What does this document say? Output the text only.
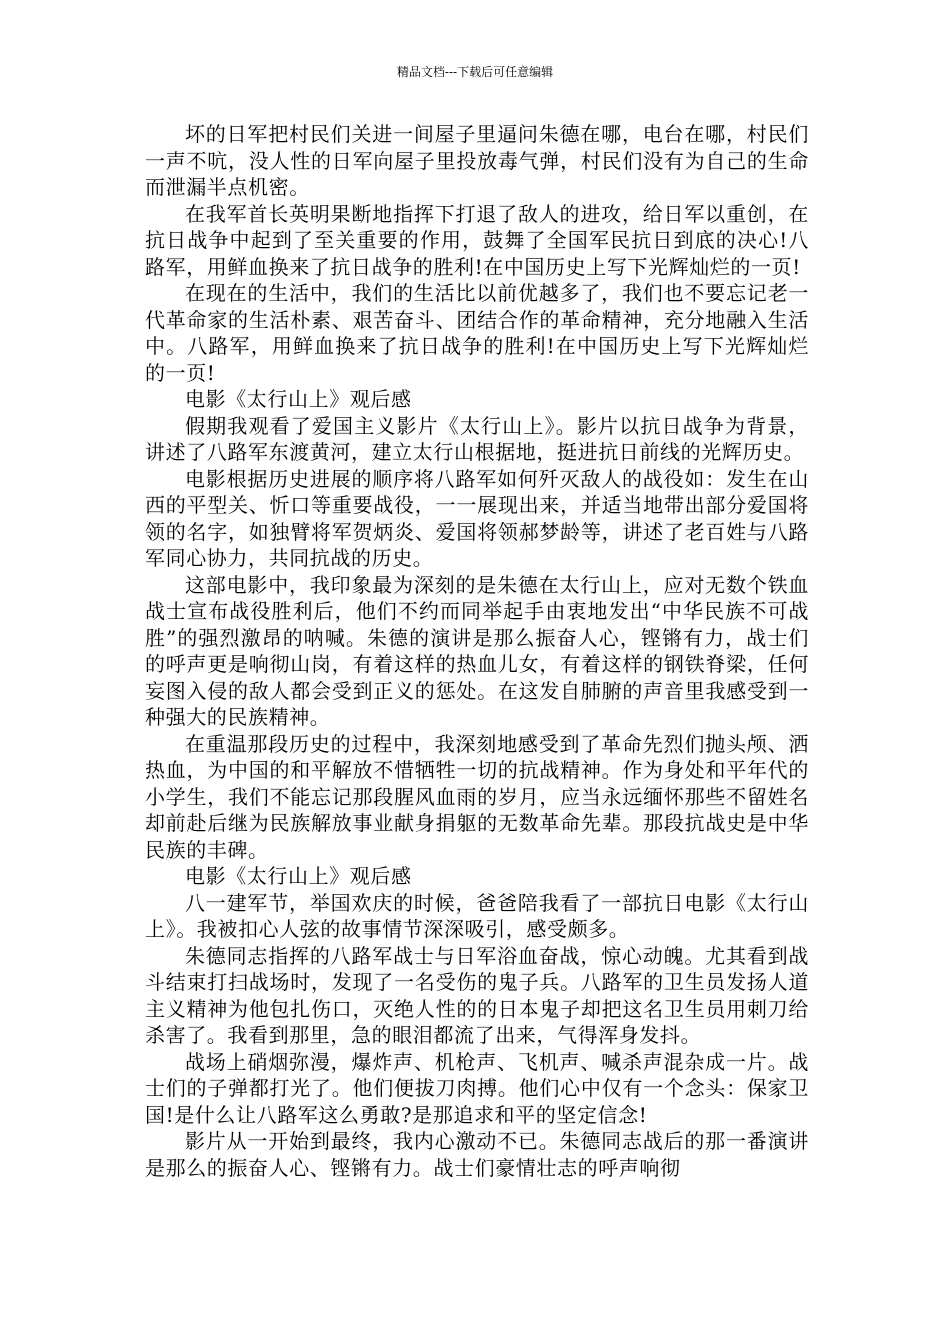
精品文档---下载后可任意编辑

坏的日军把村民们关进一间屋子里逼问朱德在哪，电台在哪，村民们一声不吭，没人性的日军向屋子里投放毒气弹，村民们没有为自己的生命而泄漏半点机密。

在我军首长英明果断地指挥下打退了敌人的进攻，给日军以重创，在抗日战争中起到了至关重要的作用，鼓舞了全国军民抗日到底的决心!八路军，用鲜血换来了抗日战争的胜利!在中国历史上写下光辉灿烂的一页!

在现在的生活中，我们的生活比以前优越多了，我们也不要忘记老一代革命家的生活朴素、艰苦奋斗、团结合作的革命精神，充分地融入生活中。八路军，用鲜血换来了抗日战争的胜利!在中国历史上写下光辉灿烂的一页!

电影《太行山上》观后感

假期我观看了爱国主义影片《太行山上》。影片以抗日战争为背景，讲述了八路军东渡黄河，建立太行山根据地，挺进抗日前线的光辉历史。

电影根据历史进展的顺序将八路军如何歼灭敌人的战役如：发生在山西的平型关、忻口等重要战役，一一展现出来，并适当地带出部分爱国将领的名字，如独臂将军贺炳炎、爱国将领郝梦龄等，讲述了老百姓与八路军同心协力，共同抗战的历史。

这部电影中，我印象最为深刻的是朱德在太行山上，应对无数个铁血战士宣布战役胜利后，他们不约而同举起手由衷地发出“中华民族不可战胜”的强烈激昂的呐喊。朱德的演讲是那么振奋人心，铿锵有力，战士们的呼声更是响彻山岗，有着这样的热血儿女，有着这样的钢铁脊梁，任何妄图入侵的敌人都会受到正义的惩处。在这发自肺腑的声音里我感受到一种强大的民族精神。

在重温那段历史的过程中，我深刻地感受到了革命先烈们抛头颅、洒热血，为中国的和平解放不惜牺牲一切的抗战精神。作为身处和平年代的小学生，我们不能忘记那段腥风血雨的岁月，应当永远缅怀那些不留姓名却前赴后继为民族解放事业献身捐躯的无数革命先辈。那段抗战史是中华民族的丰碑。

电影《太行山上》观后感

八一建军节，举国欢庆的时候，爸爸陪我看了一部抗日电影《太行山上》。我被扣心人弦的故事情节深深吸引，感受颇多。

朱德同志指挥的八路军战士与日军浴血奋战，惊心动魄。尤其看到战斗结束打扫战场时，发现了一名受伤的鬼子兵。八路军的卫生员发扬人道主义精神为他包扎伤口，灭绝人性的的日本鬼子却把这名卫生员用刺刀给杀害了。我看到那里，急的眼泪都流了出来，气得浑身发抖。

战场上硝烟弥漫，爆炸声、机枪声、飞机声、喊杀声混杂成一片。战士们的子弹都打光了。他们便拔刀肉搏。他们心中仅有一个念头：保家卫国!是什么让八路军这么勇敢?是那追求和平的坚定信念!

影片从一开始到最终，我内心激动不已。朱德同志战后的那一番演讲是那么的振奋人心、铿锵有力。战士们豪情壮志的呼声响彻
